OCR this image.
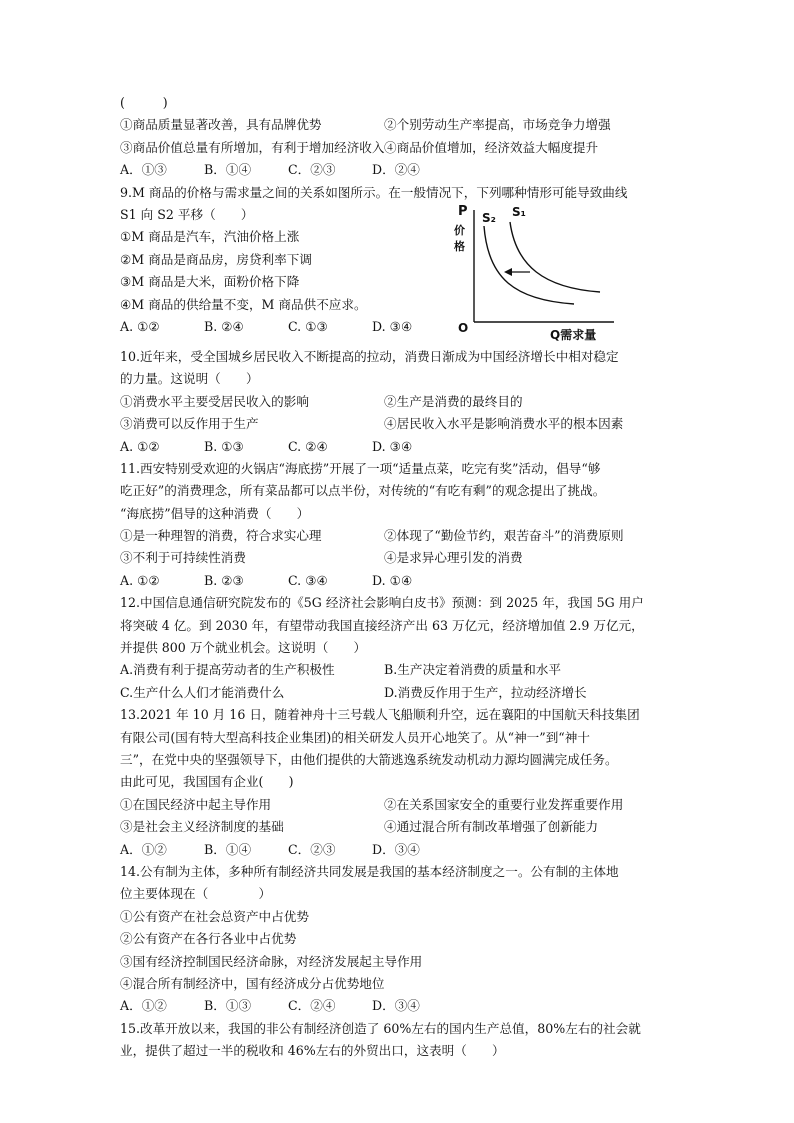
(　　　)
①商品质量显著改善，具有品牌优势	②个别劳动生产率提高，市场竞争力增强
③商品价值总量有所增加，有利于增加经济收入④商品价值增加，经济效益大幅度提升
A．①③	B．①④	C．②③	D．②④
9.M 商品的价格与需求量之间的关系如图所示。在一般情况下，下列哪种情形可能导致曲线
S1 向 S2 平移（　　）
①M 商品是汽车，汽油价格上涨
②M 商品是商品房，房贷利率下调
③M 商品是大米，面粉价格下降
④M 商品的供给量不变，M 商品供不应求。
A. ①②	B. ②④	C. ①③	D. ③④
P
价
格
O	Q需求量
S₂ S₁
10.近年来，受全国城乡居民收入不断提高的拉动，消费日渐成为中国经济增长中相对稳定
的力量。这说明（　　）
①消费水平主要受居民收入的影响	②生产是消费的最终目的
③消费可以反作用于生产	④居民收入水平是影响消费水平的根本因素
A. ①②	B. ①③	C. ②④	D. ③④
11.西安特别受欢迎的火锅店“海底捞”开展了一项“适量点菜，吃完有奖”活动，倡导“够
吃正好”的消费理念，所有菜品都可以点半份，对传统的“有吃有剩”的观念提出了挑战。
“海底捞”倡导的这种消费（　　）
①是一种理智的消费，符合求实心理	②体现了“勤俭节约，艰苦奋斗”的消费原则
③不利于可持续性消费	④是求异心理引发的消费
A. ①②	B. ②③	C. ③④	D. ①④
12.中国信息通信研究院发布的《5G 经济社会影响白皮书》预测：到 2025 年，我国 5G 用户
将突破 4 亿。到 2030 年，有望带动我国直接经济产出 63 万亿元，经济增加值 2.9 万亿元，
并提供 800 万个就业机会。这说明（　　）
A.消费有利于提高劳动者的生产积极性	B.生产决定着消费的质量和水平
C.生产什么人们才能消费什么	D.消费反作用于生产，拉动经济增长
13.2021 年 10 月 16 日，随着神舟十三号载人飞船顺利升空，远在襄阳的中国航天科技集团
有限公司(国有特大型高科技企业集团)的相关研发人员开心地笑了。从“神一”到“神十
三”，在党中央的坚强领导下，由他们提供的大箭逃逸系统发动机动力源均圆满完成任务。
由此可见，我国国有企业(　　)
①在国民经济中起主导作用	②在关系国家安全的重要行业发挥重要作用
③是社会主义经济制度的基础	④通过混合所有制改革增强了创新能力
A．①②	B．①④	C．②③	D．③④
14.公有制为主体，多种所有制经济共同发展是我国的基本经济制度之一。公有制的主体地
位主要体现在（　　　　）
①公有资产在社会总资产中占优势
②公有资产在各行各业中占优势
③国有经济控制国民经济命脉，对经济发展起主导作用
④混合所有制经济中，国有经济成分占优势地位
A．①②	B．①③	C．②④	D．③④
15.改革开放以来，我国的非公有制经济创造了 60%左右的国内生产总值，80%左右的社会就
业，提供了超过一半的税收和 46%左右的外贸出口，这表明（　　）
